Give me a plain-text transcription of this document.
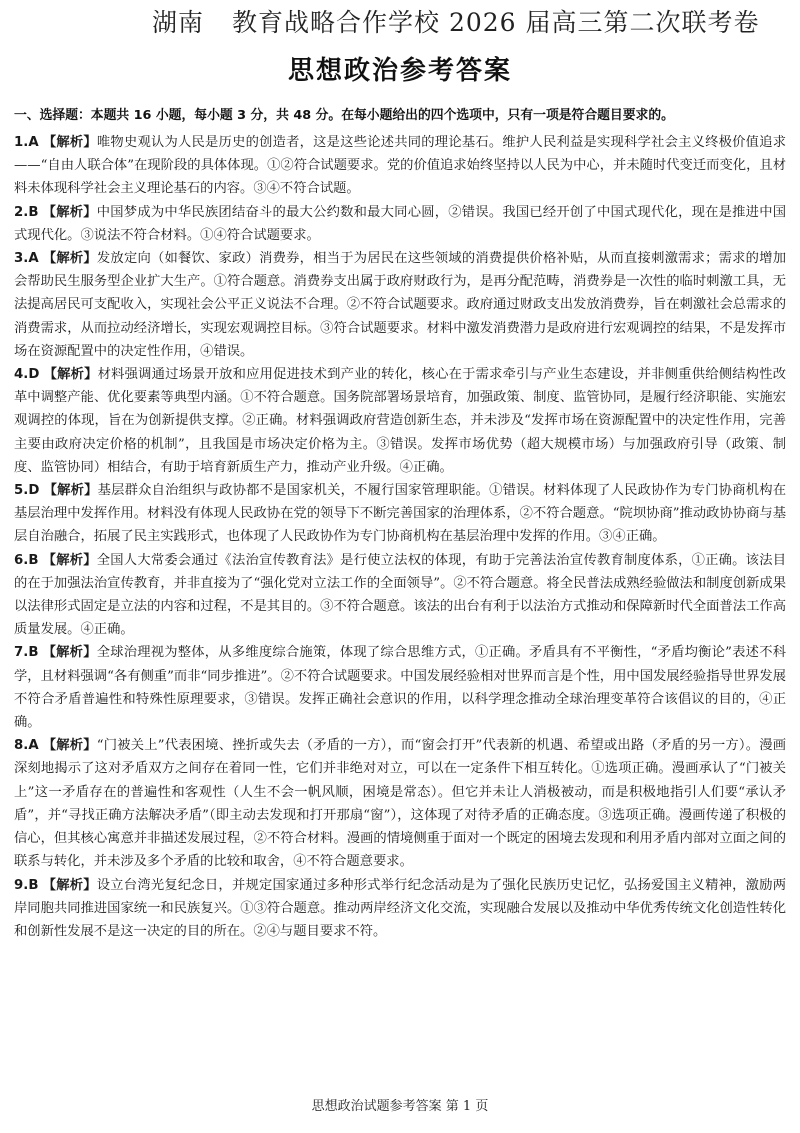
湖南 教育战略合作学校 2026 届高三第二次联考卷
思想政治参考答案
一、选择题：本题共 16 小题，每小题 3 分，共 48 分。在每小题给出的四个选项中，只有一项是符合题目要求的。
1.A 【解析】唯物史观认为人民是历史的创造者，这是这些论述共同的理论基石。维护人民利益是实现科学社会主义终极价值追求——“自由人联合体”在现阶段的具体体现。①②符合试题要求。党的价值追求始终坚持以人民为中心，并未随时代变迁而变化，且材料未体现科学社会主义理论基石的内容。③④不符合试题。
2.B 【解析】中国梦成为中华民族团结奋斗的最大公约数和最大同心圆，②错误。我国已经开创了中国式现代化，现在是推进中国式现代化。③说法不符合材料。①④符合试题要求。
3.A 【解析】发放定向（如餐饮、家政）消费券，相当于为居民在这些领域的消费提供价格补贴，从而直接刺激需求；需求的增加会帮助民生服务型企业扩大生产。①符合题意。消费券支出属于政府财政行为，是再分配范畴，消费券是一次性的临时刺激工具，无法提高居民可支配收入，实现社会公平正义说法不合理。②不符合试题要求。政府通过财政支出发放消费券，旨在刺激社会总需求的消费需求，从而拉动经济增长，实现宏观调控目标。③符合试题要求。材料中激发消费潜力是政府进行宏观调控的结果，不是发挥市场在资源配置中的决定性作用，④错误。
4.D 【解析】材料强调通过场景开放和应用促进技术到产业的转化，核心在于需求牵引与产业生态建设，并非侧重供给侧结构性改革中调整产能、优化要素等典型内涵。①不符合题意。国务院部署场景培育，加强政策、制度、监管协同，是履行经济职能、实施宏观调控的体现，旨在为创新提供支撑。②正确。材料强调政府营造创新生态，并未涉及“发挥市场在资源配置中的决定性作用，完善主要由政府决定价格的机制”，且我国是市场决定价格为主。③错误。发挥市场优势（超大规模市场）与加强政府引导（政策、制度、监管协同）相结合，有助于培育新质生产力，推动产业升级。④正确。
5.D 【解析】基层群众自治组织与政协都不是国家机关，不履行国家管理职能。①错误。材料体现了人民政协作为专门协商机构在基层治理中发挥作用。材料没有体现人民政协在党的领导下不断完善国家的治理体系，②不符合题意。“院坝协商”推动政协协商与基层自治融合，拓展了民主实践形式，也体现了人民政协作为专门协商机构在基层治理中发挥的作用。③④正确。
6.B 【解析】全国人大常委会通过《法治宣传教育法》是行使立法权的体现，有助于完善法治宣传教育制度体系，①正确。该法目的在于加强法治宣传教育，并非直接为了“强化党对立法工作的全面领导”。②不符合题意。将全民普法成熟经验做法和制度创新成果以法律形式固定是立法的内容和过程，不是其目的。③不符合题意。该法的出台有利于以法治方式推动和保障新时代全面普法工作高质量发展。④正确。
7.B 【解析】全球治理视为整体，从多维度综合施策，体现了综合思维方式，①正确。矛盾具有不平衡性，“矛盾均衡论”表述不科学，且材料强调“各有侧重”而非“同步推进”。②不符合试题要求。中国发展经验相对世界而言是个性，用中国发展经验指导世界发展不符合矛盾普遍性和特殊性原理要求，③错误。发挥正确社会意识的作用，以科学理念推动全球治理变革符合该倡议的目的，④正确。
8.A 【解析】“门被关上”代表困境、挫折或失去（矛盾的一方），而“窗会打开”代表新的机遇、希望或出路（矛盾的另一方）。漫画深刻地揭示了这对矛盾双方之间存在着同一性，它们并非绝对对立，可以在一定条件下相互转化。①选项正确。漫画承认了“门被关上”这一矛盾存在的普遍性和客观性（人生不会一帆风顺，困境是常态）。但它并未让人消极被动，而是积极地指引人们要“承认矛盾”，并“寻找正确方法解决矛盾”（即主动去发现和打开那扇“窗”），这体现了对待矛盾的正确态度。③选项正确。漫画传递了积极的信心，但其核心寓意并非描述发展过程，②不符合材料。漫画的情境侧重于面对一个既定的困境去发现和利用矛盾内部对立面之间的联系与转化，并未涉及多个矛盾的比较和取舍，④不符合题意要求。
9.B 【解析】设立台湾光复纪念日，并规定国家通过多种形式举行纪念活动是为了强化民族历史记忆，弘扬爱国主义精神，激励两岸同胞共同推进国家统一和民族复兴。①③符合题意。推动两岸经济文化交流，实现融合发展以及推动中华优秀传统文化创造性转化和创新性发展不是这一决定的目的所在。②④与题目要求不符。
思想政治试题参考答案 第 1 页
